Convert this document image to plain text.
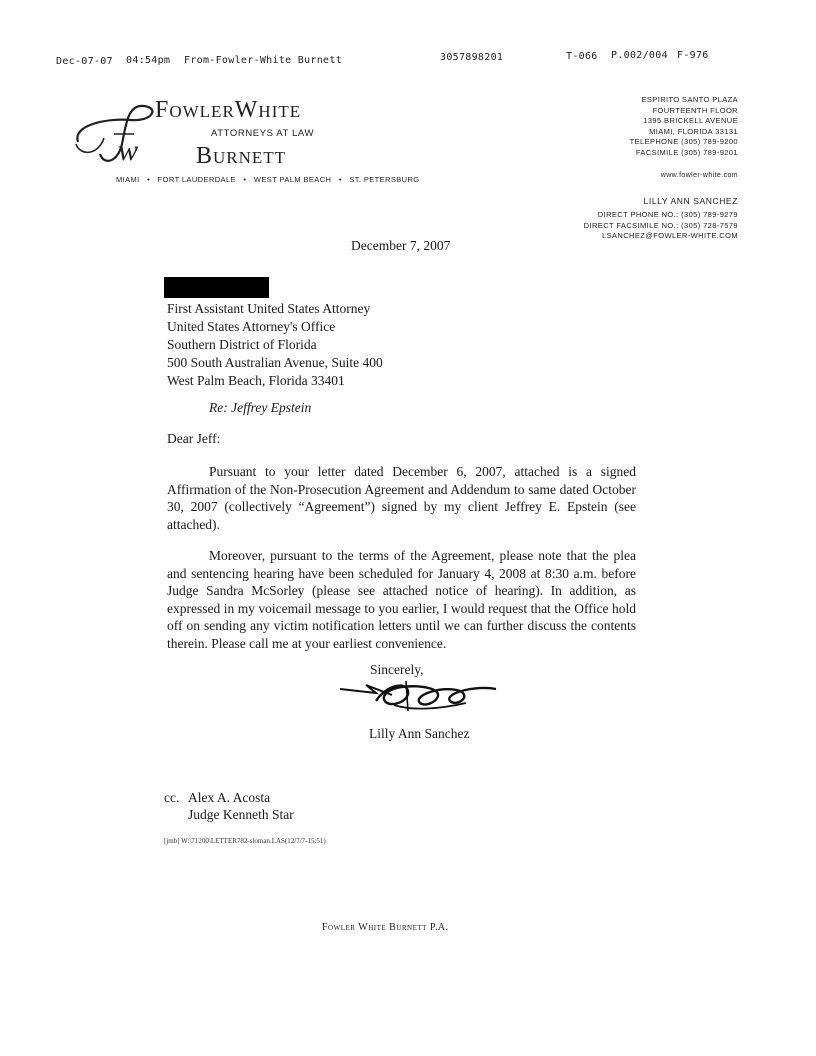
Dec-07-07 04:54pm From-Fowler-White Burnett	3057898201	T-066 P.002/004 F-976
w
FowlerWhite
ATTORNEYS AT LAW
Burnett
MIAMI • FORT LAUDERDALE • WEST PALM BEACH • ST. PETERSBURG
ESPIRITO SANTO PLAZA
FOURTEENTH FLOOR
1395 BRICKELL AVENUE
MIAMI, FLORIDA 33131
TELEPHONE (305) 789-9200
FACSIMILE (305) 789-9201
www.fowler-white.com
LILLY ANN SANCHEZ
DIRECT PHONE NO.: (305) 789-9279
DIRECT FACSIMILE NO.: (305) 728-7579
LSANCHEZ@FOWLER-WHITE.COM
December 7, 2007
First Assistant United States Attorney
United States Attorney's Office
Southern District of Florida
500 South Australian Avenue, Suite 400
West Palm Beach, Florida 33401
Re: Jeffrey Epstein
Dear Jeff:
Pursuant to your letter dated December 6, 2007, attached is a signed Affirmation of the Non-Prosecution Agreement and Addendum to same dated October 30, 2007 (collectively “Agreement”) signed by my client Jeffrey E. Epstein (see attached).
Moreover, pursuant to the terms of the Agreement, please note that the plea and sentencing hearing have been scheduled for January 4, 2008 at 8:30 a.m. before Judge Sandra McSorley (please see attached notice of hearing). In addition, as expressed in my voicemail message to you earlier, I would request that the Office hold off on sending any victim notification letters until we can further discuss the contents therein. Please call me at your earliest convenience.
Sincerely,
Lilly Ann Sanchez
cc. Alex A. Acosta
Judge Kenneth Star
[jmb] W:\71200\LETTER782-sloman.LAS(12/7/7-15:51)
Fowler White Burnett P.A.
